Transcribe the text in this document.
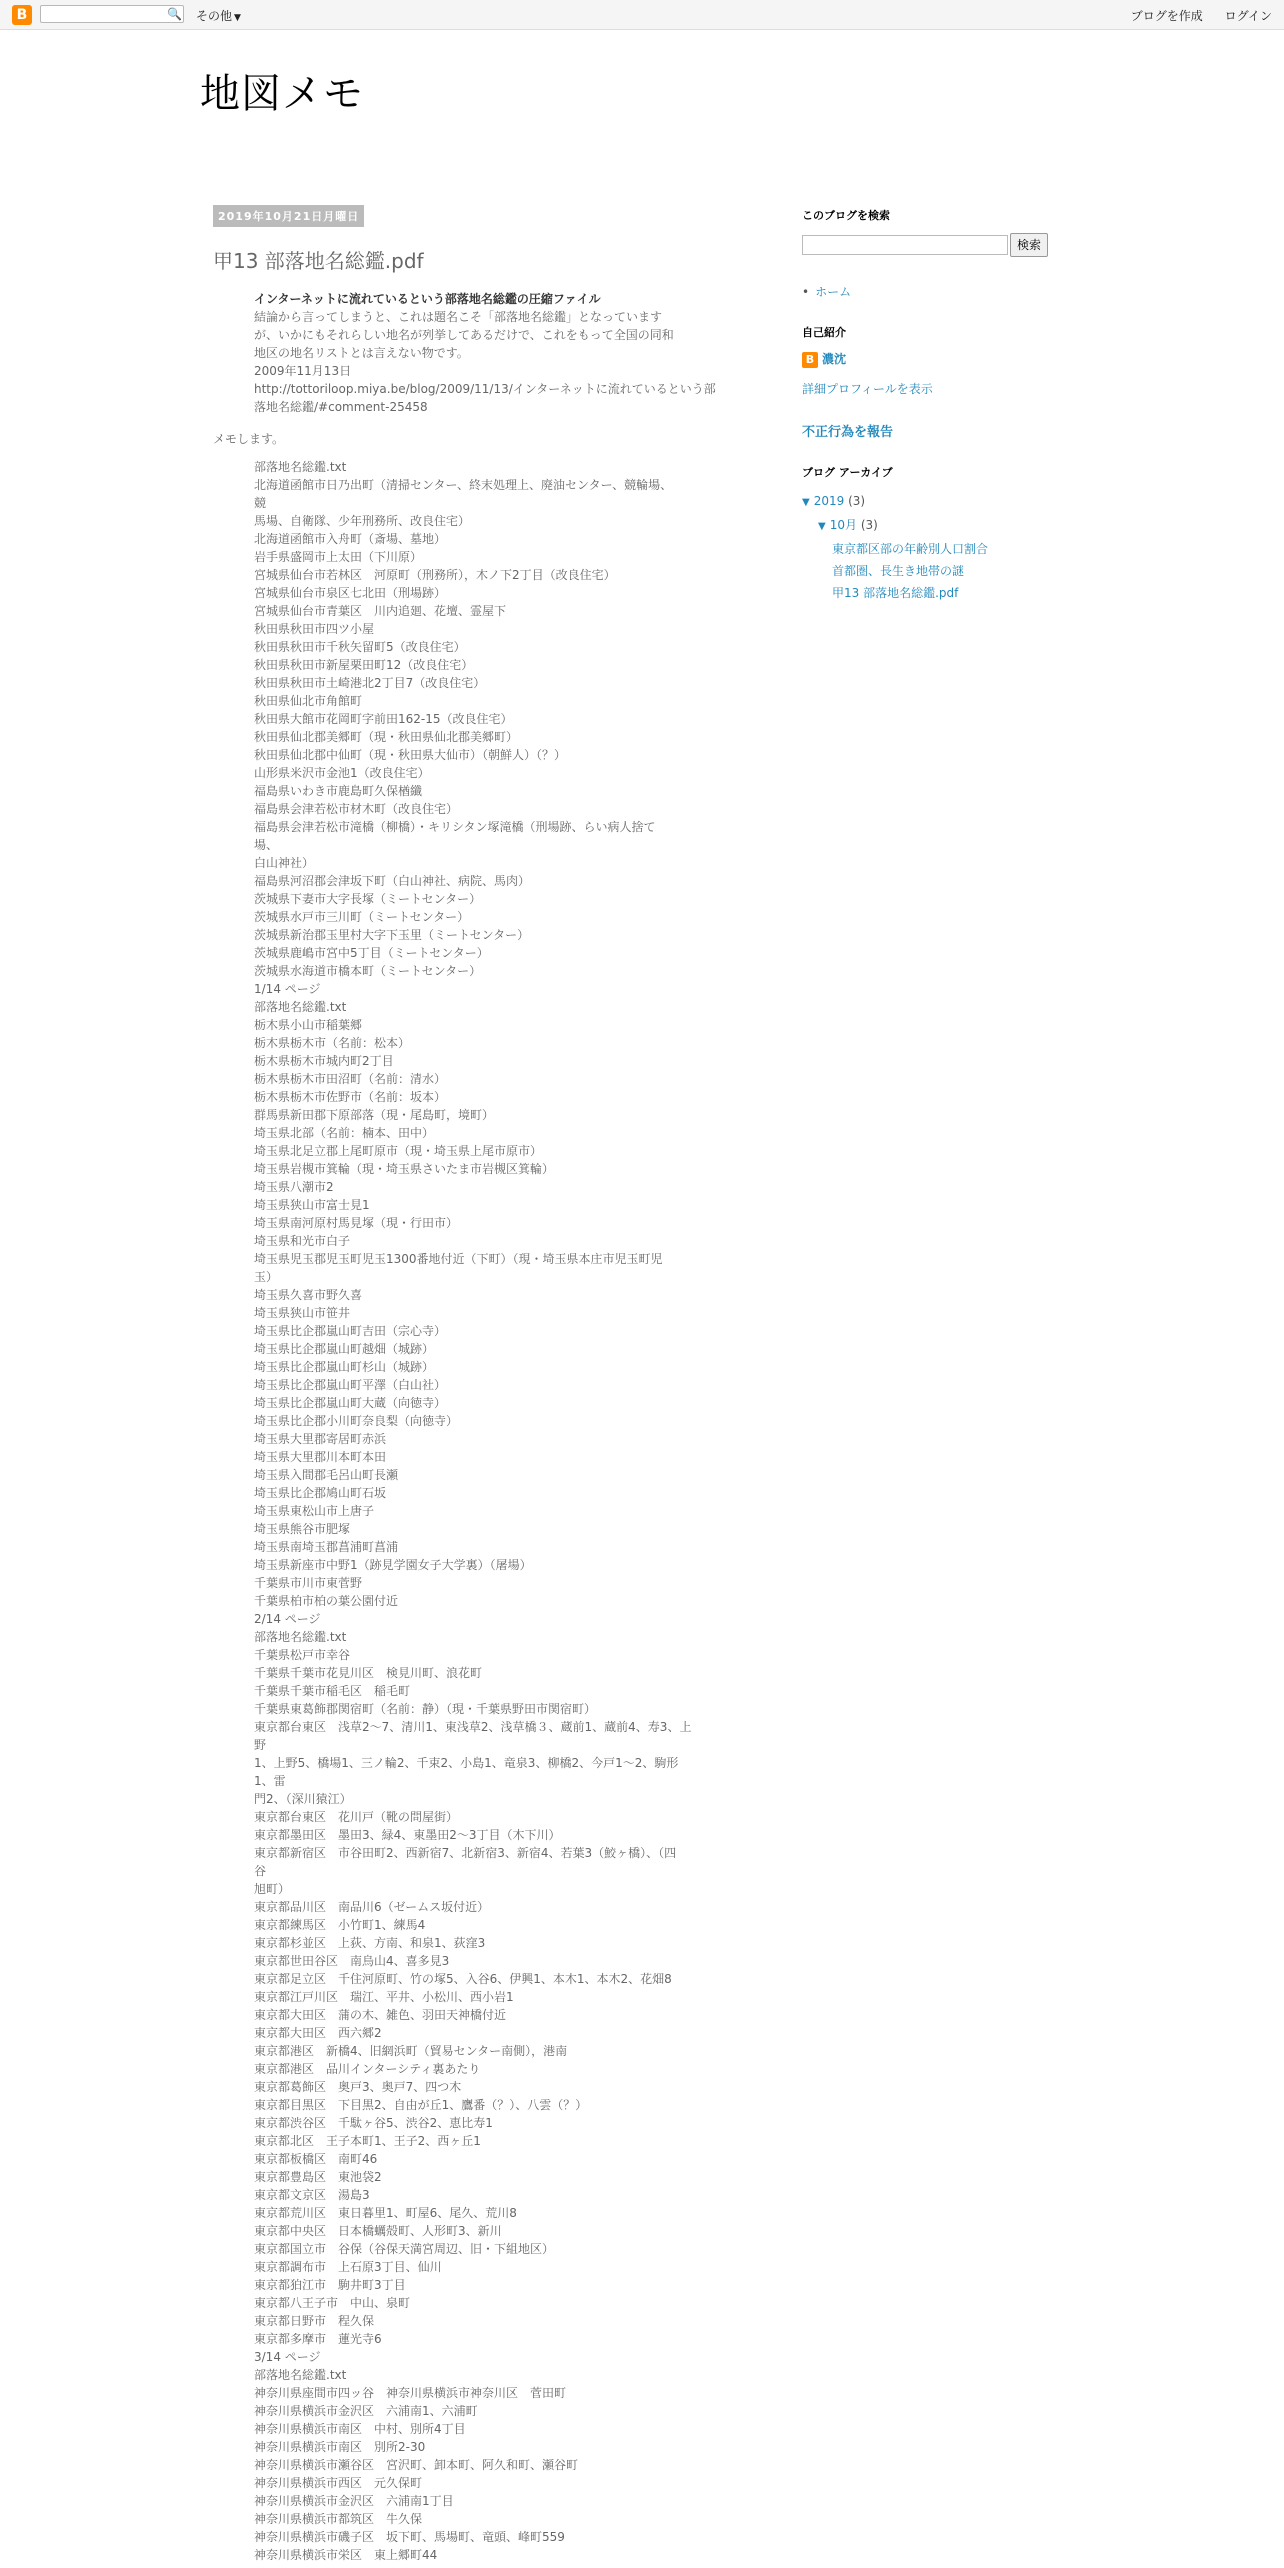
B	🔍 その他 ▼	ブログを作成 ログイン
地図メモ
2019年10月21日月曜日
甲13 部落地名総鑑.pdf
インターネットに流れているという部落地名総鑑の圧縮ファイル
結論から言ってしまうと、これは題名こそ「部落地名総鑑」となっています
が、いかにもそれらしい地名が列挙してあるだけで、これをもって全国の同和
地区の地名リストとは言えない物です。
2009年11月13日
http://tottoriloop.miya.be/blog/2009/11/13/インターネットに流れているという部
落地名総鑑/#comment-25458
メモします。
部落地名総鑑.txt
北海道函館市日乃出町（清掃センター、終末処理上、廃油センター、競輪場、
競
馬場、自衛隊、少年刑務所、改良住宅）
北海道函館市入舟町（斎場、墓地）
岩手県盛岡市上太田（下川原）
宮城県仙台市若林区　河原町（刑務所），木ノ下2丁目（改良住宅）
宮城県仙台市泉区七北田（刑場跡）
宮城県仙台市青葉区　川内追廻、花壇、霊屋下
秋田県秋田市四ツ小屋
秋田県秋田市千秋矢留町5（改良住宅）
秋田県秋田市新屋栗田町12（改良住宅）
秋田県秋田市土崎港北2丁目7（改良住宅）
秋田県仙北市角館町
秋田県大館市花岡町字前田162-15（改良住宅）
秋田県仙北郡美郷町（現・秋田県仙北郡美郷町）
秋田県仙北郡中仙町（現・秋田県大仙市）（朝鮮人）（？）
山形県米沢市金池1（改良住宅）
福島県いわき市鹿島町久保楢纖
福島県会津若松市材木町（改良住宅）
福島県会津若松市滝橋（柳橋）・キリシタン塚滝橋（刑場跡、らい病人捨て
場、
白山神社）
福島県河沼郡会津坂下町（白山神社、病院、馬肉）
茨城県下妻市大字長塚（ミートセンター）
茨城県水戸市三川町（ミートセンター）
茨城県新治郡玉里村大字下玉里（ミートセンター）
茨城県鹿嶋市宮中5丁目（ミートセンター）
茨城県水海道市橋本町（ミートセンター）
1/14 ページ
部落地名総鑑.txt
栃木県小山市稲葉郷
栃木県栃木市（名前：松本）
栃木県栃木市城内町2丁目
栃木県栃木市田沼町（名前：清水）
栃木県栃木市佐野市（名前：坂本）
群馬県新田郡下原部落（現・尾島町，境町）
埼玉県北部（名前：楠本、田中）
埼玉県北足立郡上尾町原市（現・埼玉県上尾市原市）
埼玉県岩槻市箕輪（現・埼玉県さいたま市岩槻区箕輪）
埼玉県八潮市2
埼玉県狭山市富士見1
埼玉県南河原村馬見塚（現・行田市）
埼玉県和光市白子
埼玉県児玉郡児玉町児玉1300番地付近（下町）（現・埼玉県本庄市児玉町児
玉）
埼玉県久喜市野久喜
埼玉県狭山市笹井
埼玉県比企郡嵐山町吉田（宗心寺）
埼玉県比企郡嵐山町越畑（城跡）
埼玉県比企郡嵐山町杉山（城跡）
埼玉県比企郡嵐山町平澤（白山社）
埼玉県比企郡嵐山町大蔵（向徳寺）
埼玉県比企郡小川町奈良梨（向徳寺）
埼玉県大里郡寄居町赤浜
埼玉県大里郡川本町本田
埼玉県入間郡毛呂山町長瀬
埼玉県比企郡鳩山町石坂
埼玉県東松山市上唐子
埼玉県熊谷市肥塚
埼玉県南埼玉郡菖浦町菖浦
埼玉県新座市中野1（跡見学園女子大学裏）（屠場）
千葉県市川市東菅野
千葉県柏市柏の葉公園付近
2/14 ページ
部落地名総鑑.txt
千葉県松戸市幸谷
千葉県千葉市花見川区　検見川町、浪花町
千葉県千葉市稲毛区　稲毛町
千葉県東葛飾郡関宿町（名前：静）（現・千葉県野田市関宿町）
東京都台東区　浅草2～7、清川1、東浅草2、浅草橋３、蔵前1、蔵前4、寿3、上
野
1、上野5、橋場1、三ノ輪2、千束2、小島1、竜泉3、柳橋2、今戸1～2、駒形
1、雷
門2、（深川猿江）
東京都台東区　花川戸（靴の問屋街）
東京都墨田区　墨田3、緑4、東墨田2～3丁目（木下川）
東京都新宿区　市谷田町2、西新宿7、北新宿3、新宿4、若葉3（鮫ヶ橋）、（四
谷
旭町）
東京都品川区　南品川6（ゼームス坂付近）
東京都練馬区　小竹町1、練馬4
東京都杉並区　上荻、方南、和泉1、荻窪3
東京都世田谷区　南烏山4、喜多見3
東京都足立区　千住河原町、竹の塚5、入谷6、伊興1、本木1、本木2、花畑8
東京都江戸川区　瑞江、平井、小松川、西小岩1
東京都大田区　蒲の木、雑色、羽田天神橋付近
東京都大田区　西六郷2
東京都港区　新橋4、旧網浜町（貿易センター南側），港南
東京都港区　品川インターシティ裏あたり
東京都葛飾区　奥戸3、奥戸7、四つ木
東京都目黒区　下目黒2、自由が丘1、鷹番（？）、八雲（？）
東京都渋谷区　千駄ヶ谷5、渋谷2、恵比寿1
東京都北区　王子本町1、王子2、西ヶ丘1
東京都板橋区　南町46
東京都豊島区　東池袋2
東京都文京区　湯島3
東京都荒川区　東日暮里1、町屋6、尾久、荒川8
東京都中央区　日本橋蠣殻町、人形町3、新川
東京都国立市　谷保（谷保天満宮周辺、旧・下組地区）
東京都調布市　上石原3丁目、仙川
東京都狛江市　駒井町3丁目
東京都八王子市　中山、泉町
東京都日野市　程久保
東京都多摩市　蓮光寺6
3/14 ページ
部落地名総鑑.txt
神奈川県座間市四ッ谷　神奈川県横浜市神奈川区　菅田町
神奈川県横浜市金沢区　六浦南1、六浦町
神奈川県横浜市南区　中村、別所4丁目
神奈川県横浜市南区　別所2-30
神奈川県横浜市瀬谷区　宮沢町、卸本町、阿久和町、瀬谷町
神奈川県横浜市西区　元久保町
神奈川県横浜市金沢区　六浦南1丁目
神奈川県横浜市都筑区　牛久保
神奈川県横浜市磯子区　坂下町、馬場町、竜頭、峰町559
神奈川県横浜市栄区　東上郷町44
このブログを検索
検索
• ホーム
自己紹介
B 濃沈
詳細プロフィールを表示
不正行為を報告
ブログ アーカイブ
▼ 2019 (3)
▼ 10月 (3)
東京都区部の年齢別人口割合
首都圏、長生き地帯の謎
甲13 部落地名総鑑.pdf
